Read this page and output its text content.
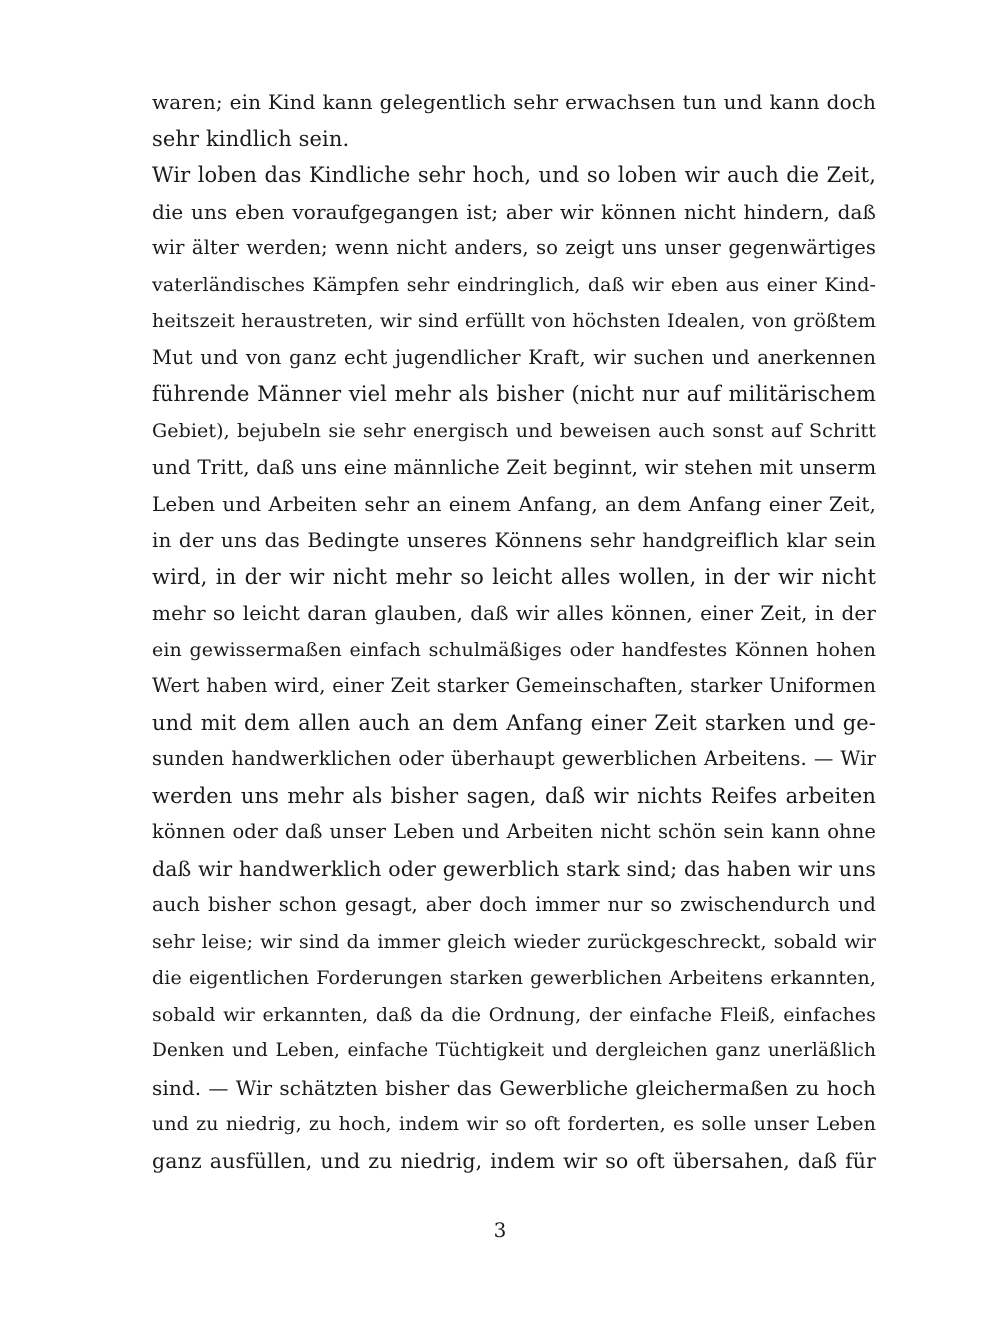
waren; ein Kind kann gelegentlich sehr erwachsen tun und kann doch
sehr kindlich sein.
Wir loben das Kindliche sehr hoch, und so loben wir auch die Zeit,
die uns eben voraufgegangen ist; aber wir können nicht hindern, daß
wir älter werden; wenn nicht anders, so zeigt uns unser gegenwärtiges
vaterländisches Kämpfen sehr eindringlich, daß wir eben aus einer Kind-
heitszeit heraustreten, wir sind erfüllt von höchsten Idealen, von größtem
Mut und von ganz echt jugendlicher Kraft, wir suchen und anerkennen
führende Männer viel mehr als bisher (nicht nur auf militärischem
Gebiet), bejubeln sie sehr energisch und beweisen auch sonst auf Schritt
und Tritt, daß uns eine männliche Zeit beginnt, wir stehen mit unserm
Leben und Arbeiten sehr an einem Anfang, an dem Anfang einer Zeit,
in der uns das Bedingte unseres Könnens sehr handgreiflich klar sein
wird, in der wir nicht mehr so leicht alles wollen, in der wir nicht
mehr so leicht daran glauben, daß wir alles können, einer Zeit, in der
ein gewissermaßen einfach schulmäßiges oder handfestes Können hohen
Wert haben wird, einer Zeit starker Gemeinschaften, starker Uniformen
und mit dem allen auch an dem Anfang einer Zeit starken und ge-
sunden handwerklichen oder überhaupt gewerblichen Arbeitens. — Wir
werden uns mehr als bisher sagen, daß wir nichts Reifes arbeiten
können oder daß unser Leben und Arbeiten nicht schön sein kann ohne
daß wir handwerklich oder gewerblich stark sind; das haben wir uns
auch bisher schon gesagt, aber doch immer nur so zwischendurch und
sehr leise; wir sind da immer gleich wieder zurückgeschreckt, sobald wir
die eigentlichen Forderungen starken gewerblichen Arbeitens erkannten,
sobald wir erkannten, daß da die Ordnung, der einfache Fleiß, einfaches
Denken und Leben, einfache Tüchtigkeit und dergleichen ganz unerläßlich
sind. — Wir schätzten bisher das Gewerbliche gleichermaßen zu hoch
und zu niedrig, zu hoch, indem wir so oft forderten, es solle unser Leben
ganz ausfüllen, und zu niedrig, indem wir so oft übersahen, daß für
3
